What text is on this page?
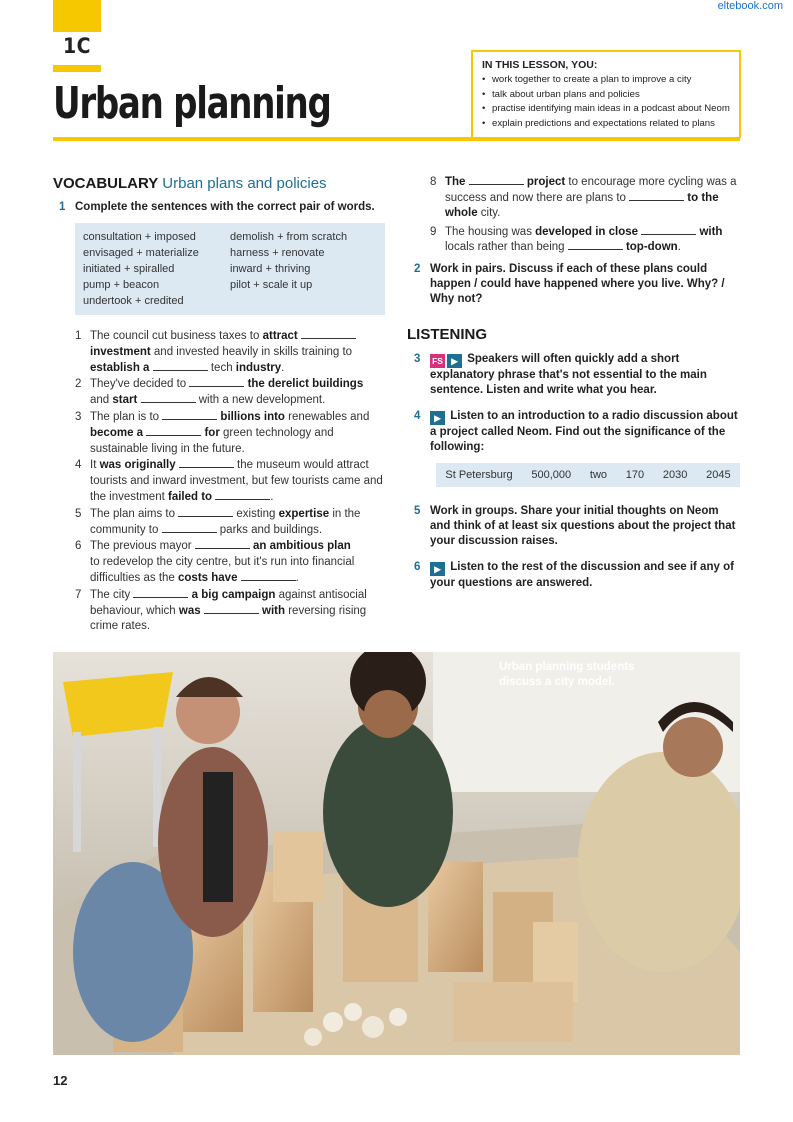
eltebook.com
1C
Urban planning
IN THIS LESSON, YOU:
• work together to create a plan to improve a city
• talk about urban plans and policies
• practise identifying main ideas in a podcast about Neom
• explain predictions and expectations related to plans
VOCABULARY Urban plans and policies
1 Complete the sentences with the correct pair of words.
consultation + imposed	demolish + from scratch
envisaged + materialize	harness + renovate
initiated + spiralled	inward + thriving
pump + beacon	pilot + scale it up
undertook + credited
1 The council cut business taxes to attract
investment and invested heavily in skills training to establish a	tech industry.
2 They've decided to	the derelict buildings
and start	with a new development.
3 The plan is to	billions into renewables and become a	for green technology and sustainable living in the future.
4 It was originally	the museum would attract tourists and inward investment, but few tourists came and the investment failed to	.
5 The plan aims to	existing expertise in the community to	parks and buildings.
6 The previous mayor	an ambitious plan
to redevelop the city centre, but it's run into financial difficulties as the costs have	.
7 The city	a big campaign against antisocial behaviour, which was	with reversing rising crime rates.
8 The	project to encourage more cycling was a success and now there are plans to	to the whole city.
9 The housing was developed in close	with
locals rather than being	top-down.
2 Work in pairs. Discuss if each of these plans could happen / could have happened where you live. Why? / Why not?
LISTENING
3 FS ▶ Speakers will often quickly add a short explanatory phrase that's not essential to the main sentence. Listen and write what you hear.
4 ▶ Listen to an introduction to a radio discussion about a project called Neom. Find out the significance of the following:
St Petersburg 500,000 two 170 2030 2045
5 Work in groups. Share your initial thoughts on Neom and think of at least six questions about the project that your discussion raises.
6 ▶ Listen to the rest of the discussion and see if any of your questions are answered.
Urban planning students
discuss a city model.
12
